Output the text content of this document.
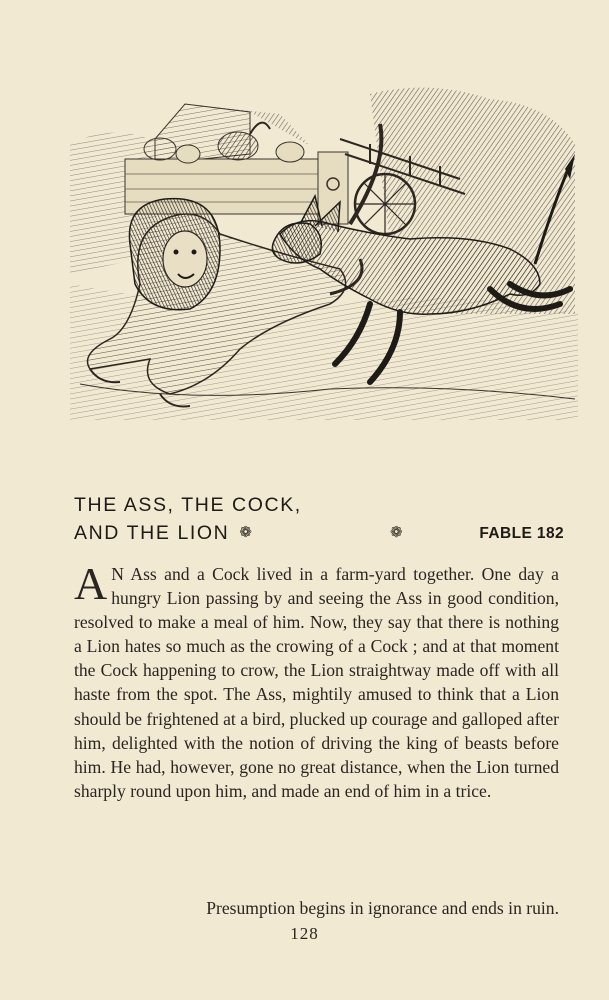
THE ASS, THE COCK,
AND THE LION ❁	❁	FABLE 182
A N Ass and a Cock lived in a farm-yard together. One day a hungry Lion passing by and seeing the Ass in good condition, resolved to make a meal of him. Now, they say that there is nothing a Lion hates so much as the crowing of a Cock ; and at that moment the Cock happening to crow, the Lion straightway made off with all haste from the spot. The Ass, mightily amused to think that a Lion should be frightened at a bird, plucked up courage and galloped after him, delighted with the notion of driving the king of beasts before him. He had, however, gone no great distance, when the Lion turned sharply round upon him, and made an end of him in a trice.
Presumption begins in ignorance and ends in ruin.
128
